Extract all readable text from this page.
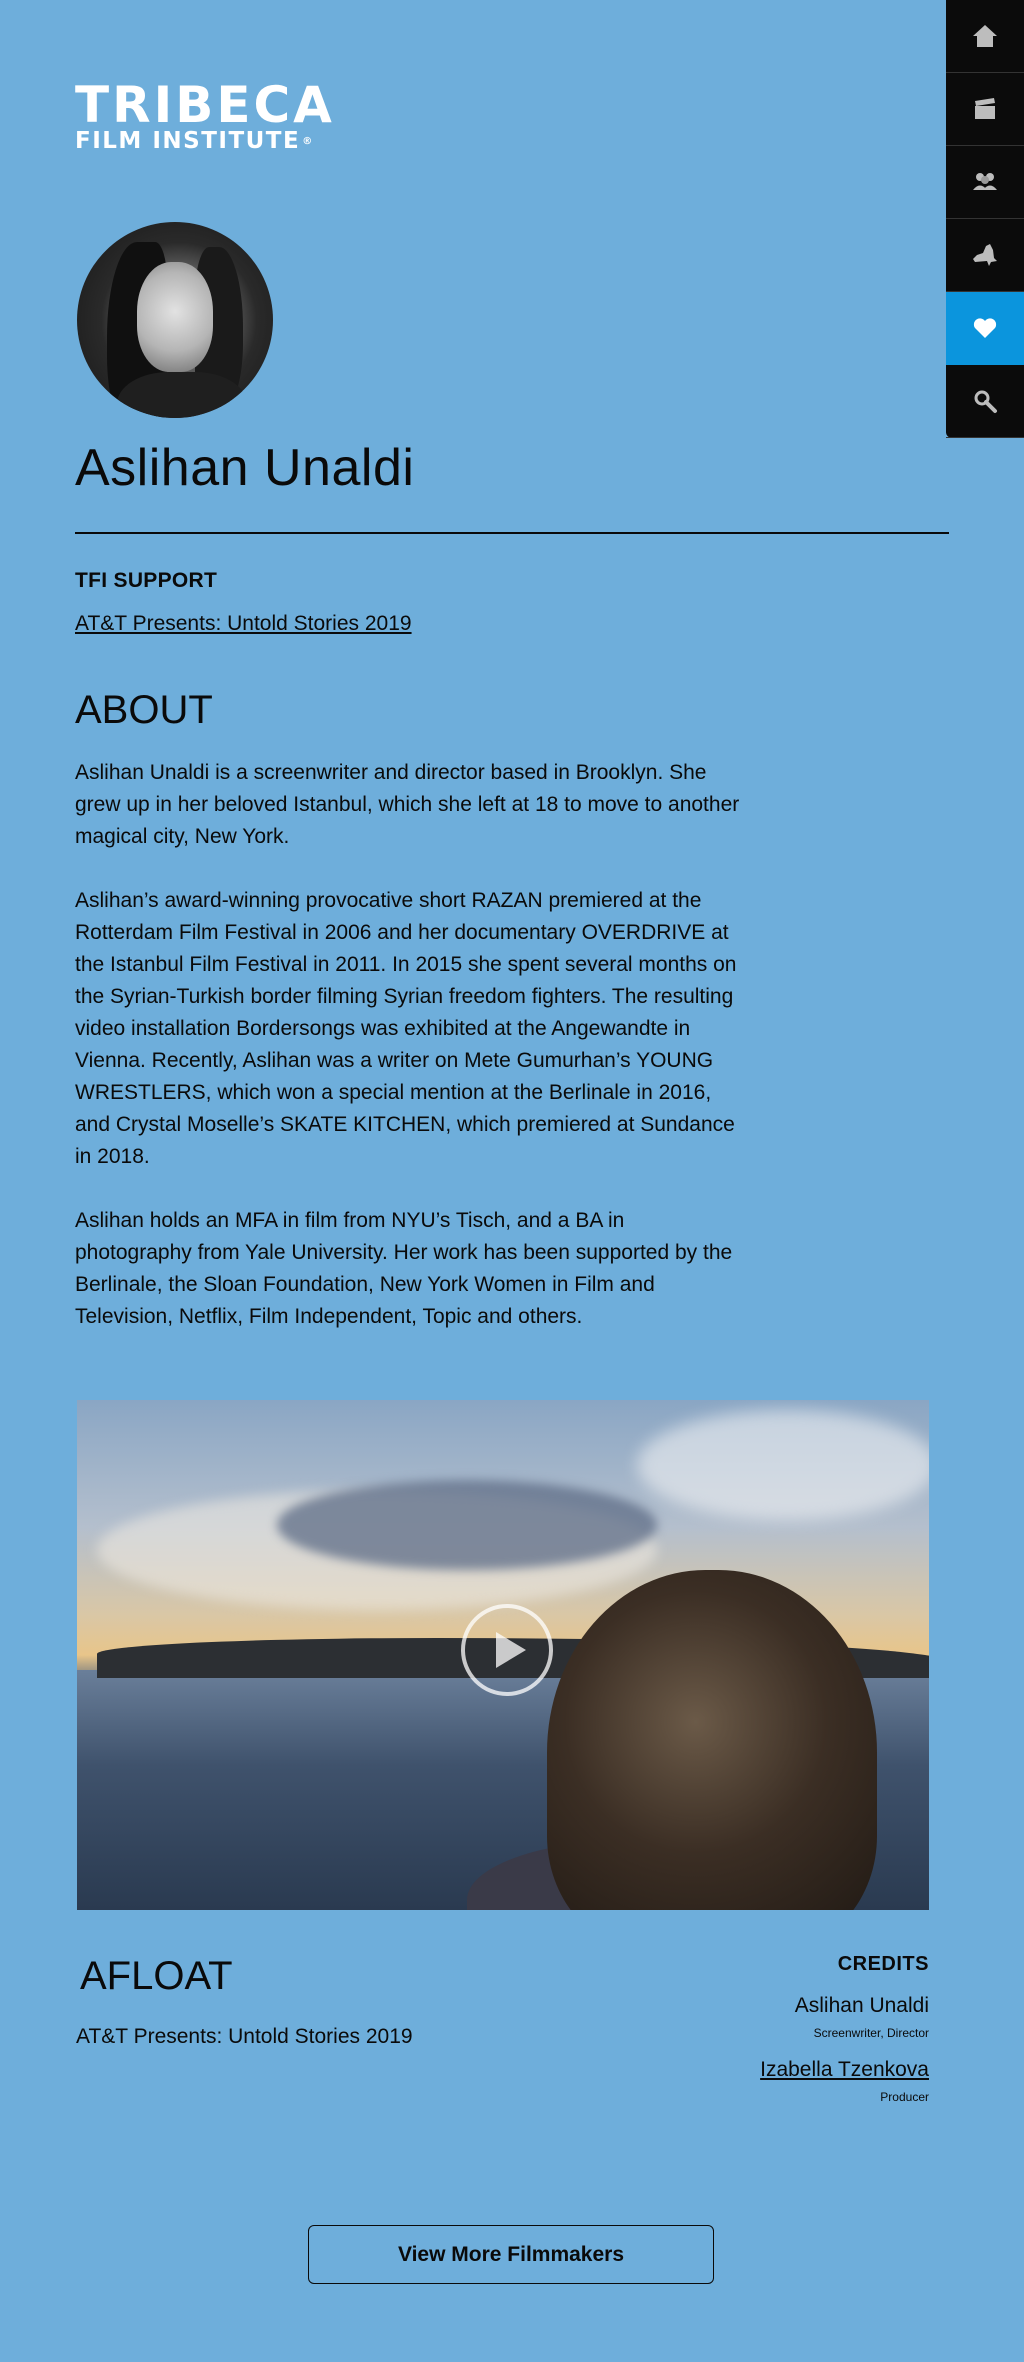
TRIBECA
FILM INSTITUTE ®
Aslihan Unaldi
TFI SUPPORT
AT&T Presents: Untold Stories 2019
ABOUT

Aslihan Unaldi is a screenwriter and director based in Brooklyn. She grew up in her beloved Istanbul, which she left at 18 to move to another magical city, New York.

Aslihan’s award-winning provocative short RAZAN premiered at the Rotterdam Film Festival in 2006 and her documentary OVERDRIVE at the Istanbul Film Festival in 2011. In 2015 she spent several months on the Syrian-Turkish border filming Syrian freedom fighters. The resulting video installation Bordersongs was exhibited at the Angewandte in Vienna. Recently, Aslihan was a writer on Mete Gumurhan’s YOUNG WRESTLERS, which won a special mention at the Berlinale in 2016, and Crystal Moselle’s SKATE KITCHEN, which premiered at Sundance in 2018.

Aslihan holds an MFA in film from NYU’s Tisch, and a BA in photography from Yale University. Her work has been supported by the Berlinale, the Sloan Foundation, New York Women in Film and Television, Netflix, Film Independent, Topic and others.

AFLOAT
AT&T Presents: Untold Stories 2019
CREDITS
Aslihan Unaldi
Screenwriter, Director
Izabella Tzenkova
Producer
View More Filmmakers
